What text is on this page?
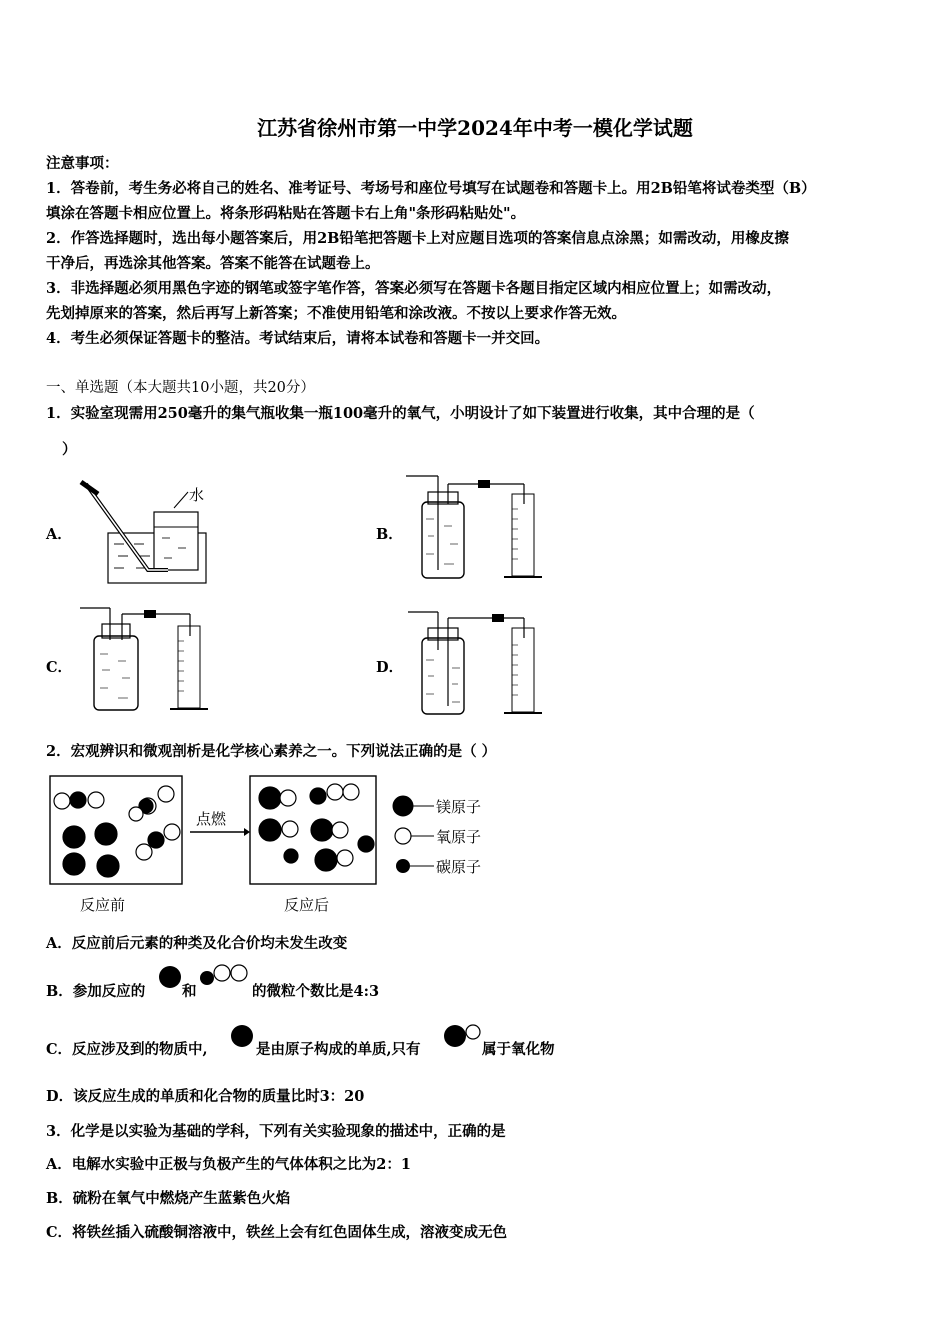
江苏省徐州市第一中学2024年中考一模化学试题
注意事项：
1．答卷前，考生务必将自己的姓名、准考证号、考场号和座位号填写在试题卷和答题卡上。用2B铅笔将试卷类型（B）
填涂在答题卡相应位置上。将条形码粘贴在答题卡右上角"条形码粘贴处"。
2．作答选择题时，选出每小题答案后，用2B铅笔把答题卡上对应题目选项的答案信息点涂黑；如需改动，用橡皮擦
干净后，再选涂其他答案。答案不能答在试题卷上。
3．非选择题必须用黑色字迹的钢笔或签字笔作答，答案必须写在答题卡各题目指定区域内相应位置上；如需改动，
先划掉原来的答案，然后再写上新答案；不准使用铅笔和涂改液。不按以上要求作答无效。
4．考生必须保证答题卡的整洁。考试结束后，请将本试卷和答题卡一并交回。
一、单选题（本大题共10小题，共20分）
1．实验室现需用250毫升的集气瓶收集一瓶100毫升的氧气，小明设计了如下装置进行收集，其中合理的是（
）
A．	B．
C．	D．
水
2．宏观辨识和微观剖析是化学核心素养之一。下列说法正确的是（ ）
点燃
反应前	反应后
镁原子
氧原子
碳原子
A．反应前后元素的种类及化合价均未发生改变
B．参加反应的	和	的微粒个数比是4:3
C．反应涉及到的物质中,	是由原子构成的单质,只有	属于氧化物
D．该反应生成的单质和化合物的质量比时3：20
3．化学是以实验为基础的学科，下列有关实验现象的描述中，正确的是
A．电解水实验中正极与负极产生的气体体积之比为2：1
B．硫粉在氧气中燃烧产生蓝紫色火焰
C．将铁丝插入硫酸铜溶液中，铁丝上会有红色固体生成，溶液变成无色
